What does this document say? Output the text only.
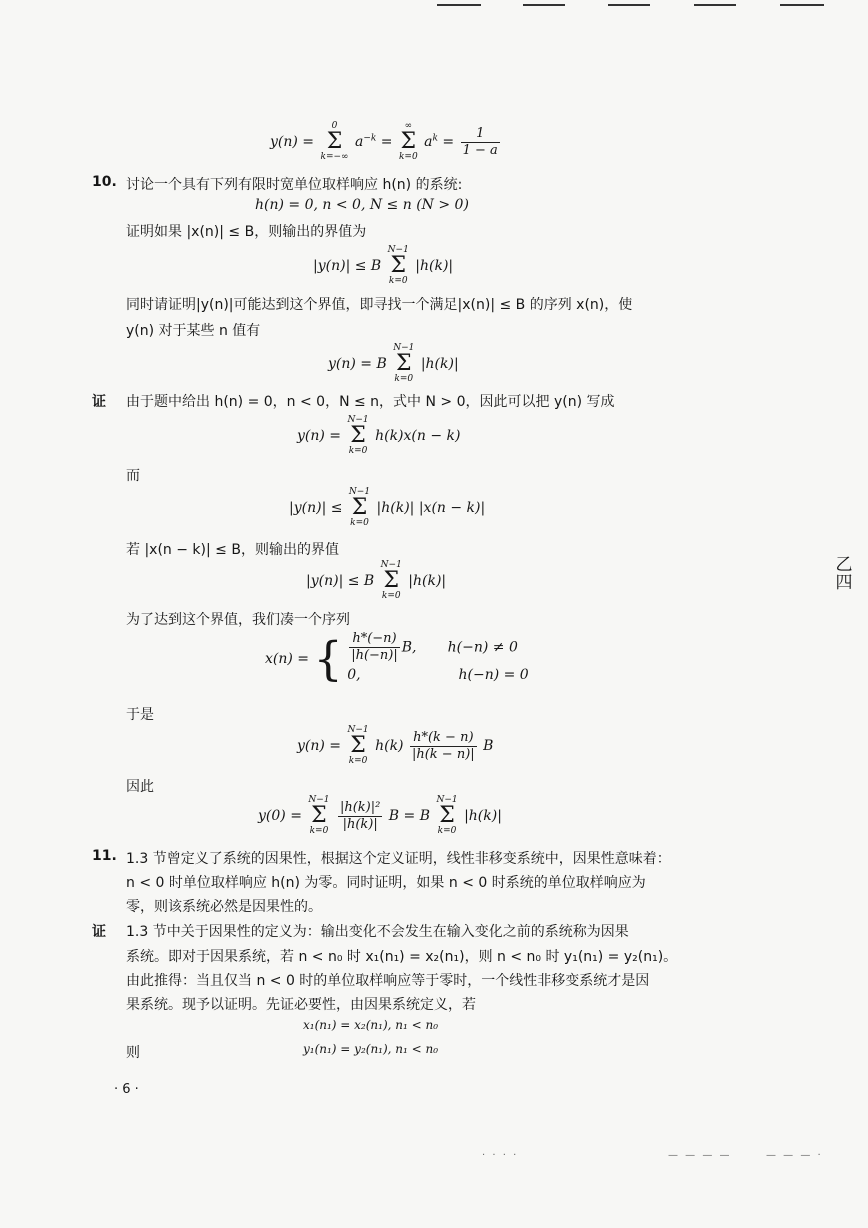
y(n) =
0
Σ
k=−∞
$a^{-k}$ =
∞
Σ
k=0
$a^k = \frac{1}{1 - a}$
10. 讨论一个具有下列有限时宽单位取样响应 h(n) 的系统:
h(n) = 0, n < 0, N ≤ n (N > 0)
证明如果 |x(n)| ≤ B，则输出的界值为
|y(n)| ≤ B
N−1
Σ
k=0
|h(k)|
同时请证明|y(n)|可能达到这个界值，即寻找一个满足|x(n)| ≤ B 的序列 x(n)，使
y(n) 对于某些 n 值有
y(n) = B
N−1
Σ
k=0
|h(k)|
证 由于题中给出 h(n) = 0，n < 0，N ≤ n，式中 N > 0，因此可以把 y(n) 写成
y(n) =
N−1
Σ
k=0
h(k)x(n − k)
而
|y(n)| ≤
N−1
Σ
k=0
|h(k)| |x(n − k)|
若 |x(n − k)| ≤ B，则输出的界值
|y(n)| ≤ B
N−1
Σ
k=0
|h(k)|
为了达到这个界值，我们凑一个序列
x(n) = { $\frac{h*(-n)}{|h(-n)|} B$,       h(−n) ≠ 0
0,                      h(−n) = 0
于是
y(n) =
N−1
Σ
k=0
$h(k) \frac{h*(k - n)}{|h(k - n)|}$ B
因此
y(0) =
N−1
Σ
k=0
$\frac{\text{|h(k)|²}}{|h(k)|}$ B = B
N−1
Σ
k=0
|h(k)|
11. 1.3 节曾定义了系统的因果性，根据这个定义证明，线性非移变系统中，因果性意味着：
n < 0 时单位取样响应 h(n) 为零。同时证明，如果 n < 0 时系统的单位取样响应为
零，则该系统必然是因果性的。
证 1.3 节中关于因果性的定义为：输出变化不会发生在输入变化之前的系统称为因果
系统。即对于因果系统，若 n < n₀ 时 x₁(n₁) = x₂(n₁)，则 n < n₀ 时 y₁(n₁) = y₂(n₁)。
由此推得：当且仅当 n < 0 时的单位取样响应等于零时，一个线性非移变系统才是因
果系统。现予以证明。先证必要性，由因果系统定义，若
x₁(n₁) = x₂(n₁), n₁ < n₀
则	y₁(n₁) = y₂(n₁), n₁ < n₀
· 6 ·
乙四
· · · ·	— — — —	— — — ·
